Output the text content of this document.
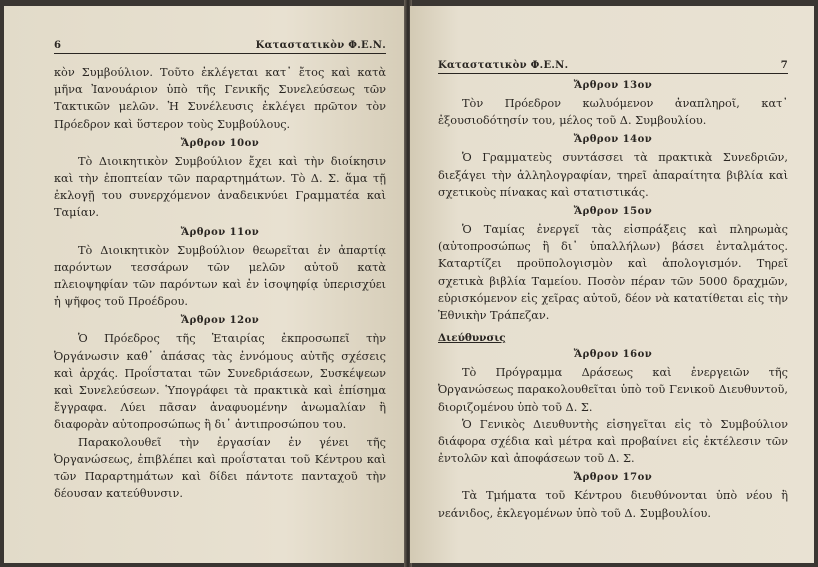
6	Καταστατικὸν Φ.Ε.Ν.

κὸν Συμβούλιον. Τοῦτο ἐκλέγεται κατ᾽ ἔτος καὶ κατὰ μῆνα Ἰανουάριον ὑπὸ τῆς Γενικῆς Συνελεύσεως τῶν Τακτικῶν μελῶν. Ἡ Συνέλευσις ἐκλέγει πρῶτον τὸν Πρόεδρον καὶ ὕστερον τοὺς Συμβούλους.

Ἄρθρον 10ον

Τὸ Διοικητικὸν Συμβούλιον ἔχει καὶ τὴν διοίκησιν καὶ τὴν ἐποπτείαν τῶν παραρτημάτων. Τὸ Δ. Σ. ἅμα τῇ ἐκλογῇ του συνερχόμενον ἀναδεικνύει Γραμματέα καὶ Ταμίαν.

Ἄρθρον 11ον

Τὸ Διοικητικὸν Συμβούλιον θεωρεῖται ἐν ἀπαρτίᾳ παρόντων τεσσάρων τῶν μελῶν αὐτοῦ κατὰ πλειοψηφίαν τῶν παρόντων καὶ ἐν ἰσοψηφίᾳ ὑπερισχύει ἡ ψῆφος τοῦ Προέδρου.

Ἄρθρον 12ον

Ὁ Πρόεδρος τῆς Ἑταιρίας ἐκπροσωπεῖ τὴν Ὀργάνωσιν καθ᾽ ἁπάσας τὰς ἐννόμους αὐτῆς σχέσεις καὶ ἀρχάς. Προΐσταται τῶν Συνεδριάσεων, Συσκέψεων καὶ Συνελεύσεων. Ὑπογράφει τὰ πρακτικὰ καὶ ἐπίσημα ἔγγραφα. Λύει πᾶσαν ἀναφυομένην ἀνωμαλίαν ἢ διαφορὰν αὐτοπροσώπως ἢ δι᾽ ἀντιπροσώπου του.

Παρακολουθεῖ τὴν ἐργασίαν ἐν γένει τῆς Ὀργανώσεως, ἐπιβλέπει καὶ προΐσταται τοῦ Κέντρου καὶ τῶν Παραρτημάτων καὶ δίδει πάντοτε πανταχοῦ τὴν δέουσαν κατεύθυνσιν.

Καταστατικὸν Φ.Ε.Ν.	7
Ἄρθρον 13ον

Τὸν Πρόεδρον κωλυόμενον ἀναπληροῖ, κατ᾽ ἐξουσιοδότησίν του, μέλος τοῦ Δ. Συμβουλίου.

Ἄρθρον 14ον

Ὁ Γραμματεὺς συντάσσει τὰ πρακτικὰ Συνεδριῶν, διεξάγει τὴν ἀλληλογραφίαν, τηρεῖ ἀπαραίτητα βιβλία καὶ σχετικοὺς πίνακας καὶ στατιστικάς.

Ἄρθρον 15ον

Ὁ Ταμίας ἐνεργεῖ τὰς εἰσπράξεις καὶ πληρωμὰς (αὐτοπροσώπως ἢ δι᾽ ὑπαλλήλων) βάσει ἐνταλμάτος. Καταρτίζει προϋπολογισμὸν καὶ ἀπολογισμόν. Τηρεῖ σχετικὰ βιβλία Ταμείου. Ποσὸν πέραν τῶν 5000 δραχμῶν, εὑρισκόμενον εἰς χεῖρας αὐτοῦ, δέον νὰ κατατίθεται εἰς τὴν Ἐθνικὴν Τράπεζαν.

Διεύθυνσις
Ἄρθρον 16ον

Τὸ Πρόγραμμα Δράσεως καὶ ἐνεργειῶν τῆς Ὀργανώσεως παρακολουθεῖται ὑπὸ τοῦ Γενικοῦ Διευθυντοῦ, διοριζομένου ὑπὸ τοῦ Δ. Σ.

Ὁ Γενικὸς Διευθυντὴς εἰσηγεῖται εἰς τὸ Συμβούλιον διάφορα σχέδια καὶ μέτρα καὶ προβαίνει εἰς ἐκτέλεσιν τῶν ἐντολῶν καὶ ἀποφάσεων τοῦ Δ. Σ.

Ἄρθρον 17ον

Τὰ Τμήματα τοῦ Κέντρου διευθύνονται ὑπὸ νέου ἢ νεάνιδος, ἐκλεγομένων ὑπὸ τοῦ Δ. Συμβουλίου.
